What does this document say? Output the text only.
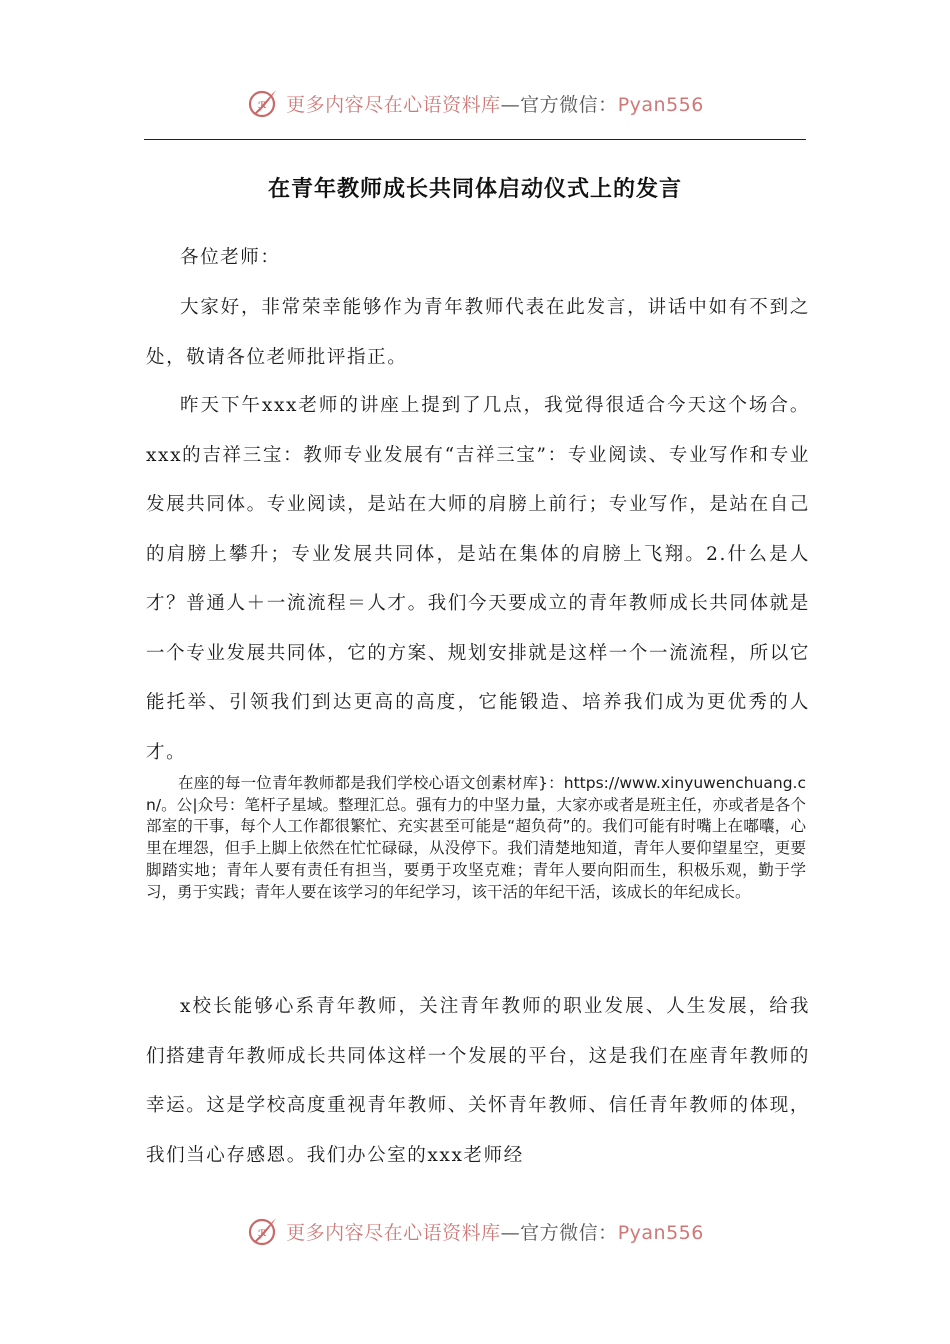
ℛ 更多内容尽在心语资料库—官方微信：Pyan556
在青年教师成长共同体启动仪式上的发言
各位老师：
大家好，非常荣幸能够作为青年教师代表在此发言，讲话中如有不到之处，敬请各位老师批评指正。
昨天下午xxx老师的讲座上提到了几点，我觉得很适合今天这个场合。xxx的吉祥三宝：教师专业发展有“吉祥三宝”：专业阅读、专业写作和专业发展共同体。专业阅读，是站在大师的肩膀上前行；专业写作，是站在自己的肩膀上攀升；专业发展共同体，是站在集体的肩膀上飞翔。2.什么是人才？普通人＋一流流程＝人才。我们今天要成立的青年教师成长共同体就是一个专业发展共同体，它的方案、规划安排就是这样一个一流流程，所以它能托举、引领我们到达更高的高度，它能锻造、培养我们成为更优秀的人才。
在座的每一位青年教师都是我们学校心语文创素材库}：https://www.xinyuwenchuang.cn/。公|众号：笔杆子星域。整理汇总。强有力的中坚力量，大家亦或者是班主任，亦或者是各个部室的干事，每个人工作都很繁忙、充实甚至可能是“超负荷”的。我们可能有时嘴上在嘟囔，心里在埋怨，但手上脚上依然在忙忙碌碌，从没停下。我们清楚地知道，青年人要仰望星空，更要脚踏实地；青年人要有责任有担当，要勇于攻坚克难；青年人要向阳而生，积极乐观，勤于学习，勇于实践；青年人要在该学习的年纪学习，该干活的年纪干活，该成长的年纪成长。
x校长能够心系青年教师，关注青年教师的职业发展、人生发展，给我们搭建青年教师成长共同体这样一个发展的平台，这是我们在座青年教师的幸运。这是学校高度重视青年教师、关怀青年教师、信任青年教师的体现，我们当心存感恩。我们办公室的xxx老师经
ℛ 更多内容尽在心语资料库—官方微信：Pyan556
